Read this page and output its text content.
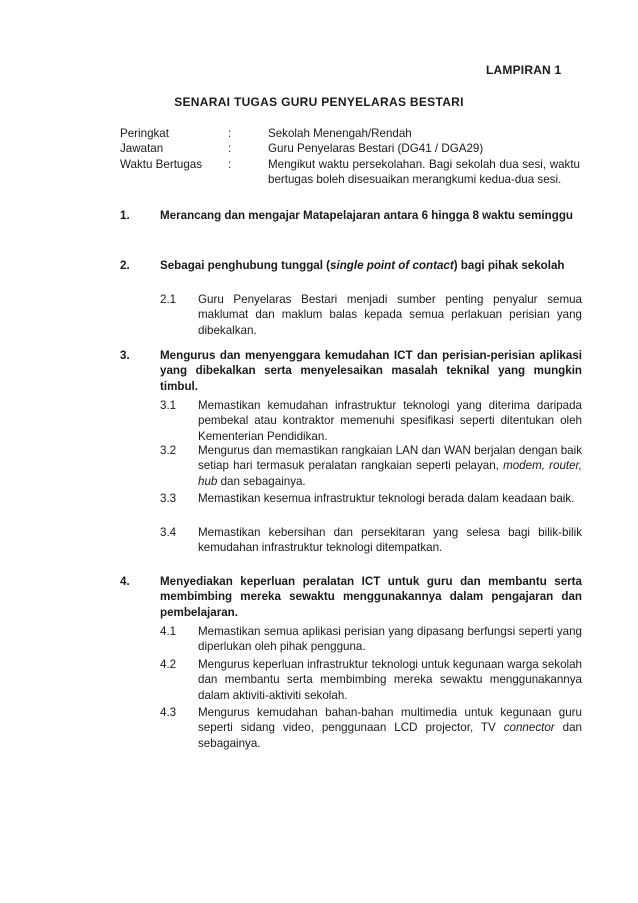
LAMPIRAN 1
SENARAI TUGAS GURU PENYELARAS BESTARI
Peringkat	:	Sekolah Menengah/Rendah
Jawatan	:	Guru Penyelaras Bestari (DG41 / DGA29)
Waktu Bertugas	:	Mengikut waktu persekolahan. Bagi sekolah dua sesi, waktu bertugas boleh disesuaikan merangkumi kedua-dua sesi.
1.	Merancang dan mengajar Matapelajaran antara 6 hingga 8 waktu seminggu
2.	Sebagai penghubung tunggal (single point of contact) bagi pihak sekolah
2.1	Guru Penyelaras Bestari menjadi sumber penting penyalur semua maklumat dan maklum balas kepada semua perlakuan perisian yang dibekalkan.
3.	Mengurus dan menyenggara kemudahan ICT dan perisian-perisian aplikasi yang dibekalkan serta menyelesaikan masalah teknikal yang mungkin timbul.
3.1	Memastikan kemudahan infrastruktur teknologi yang diterima daripada pembekal atau kontraktor memenuhi spesifikasi seperti ditentukan oleh Kementerian Pendidikan.
3.2	Mengurus dan memastikan rangkaian LAN dan WAN berjalan dengan baik setiap hari termasuk peralatan rangkaian seperti pelayan, modem, router, hub dan sebagainya.
3.3	Memastikan kesemua infrastruktur teknologi berada dalam keadaan baik.
3.4	Memastikan kebersihan dan persekitaran yang selesa bagi bilik-bilik kemudahan infrastruktur teknologi ditempatkan.
4.	Menyediakan keperluan peralatan ICT untuk guru dan membantu serta membimbing mereka sewaktu menggunakannya dalam pengajaran dan pembelajaran.
4.1	Memastikan semua aplikasi perisian yang dipasang berfungsi seperti yang diperlukan oleh pihak pengguna.
4.2	Mengurus keperluan infrastruktur teknologi untuk kegunaan warga sekolah dan membantu serta membimbing mereka sewaktu menggunakannya dalam aktiviti-aktiviti sekolah.
4.3	Mengurus kemudahan bahan-bahan multimedia untuk kegunaan guru seperti sidang video, penggunaan LCD projector, TV connector dan sebagainya.
